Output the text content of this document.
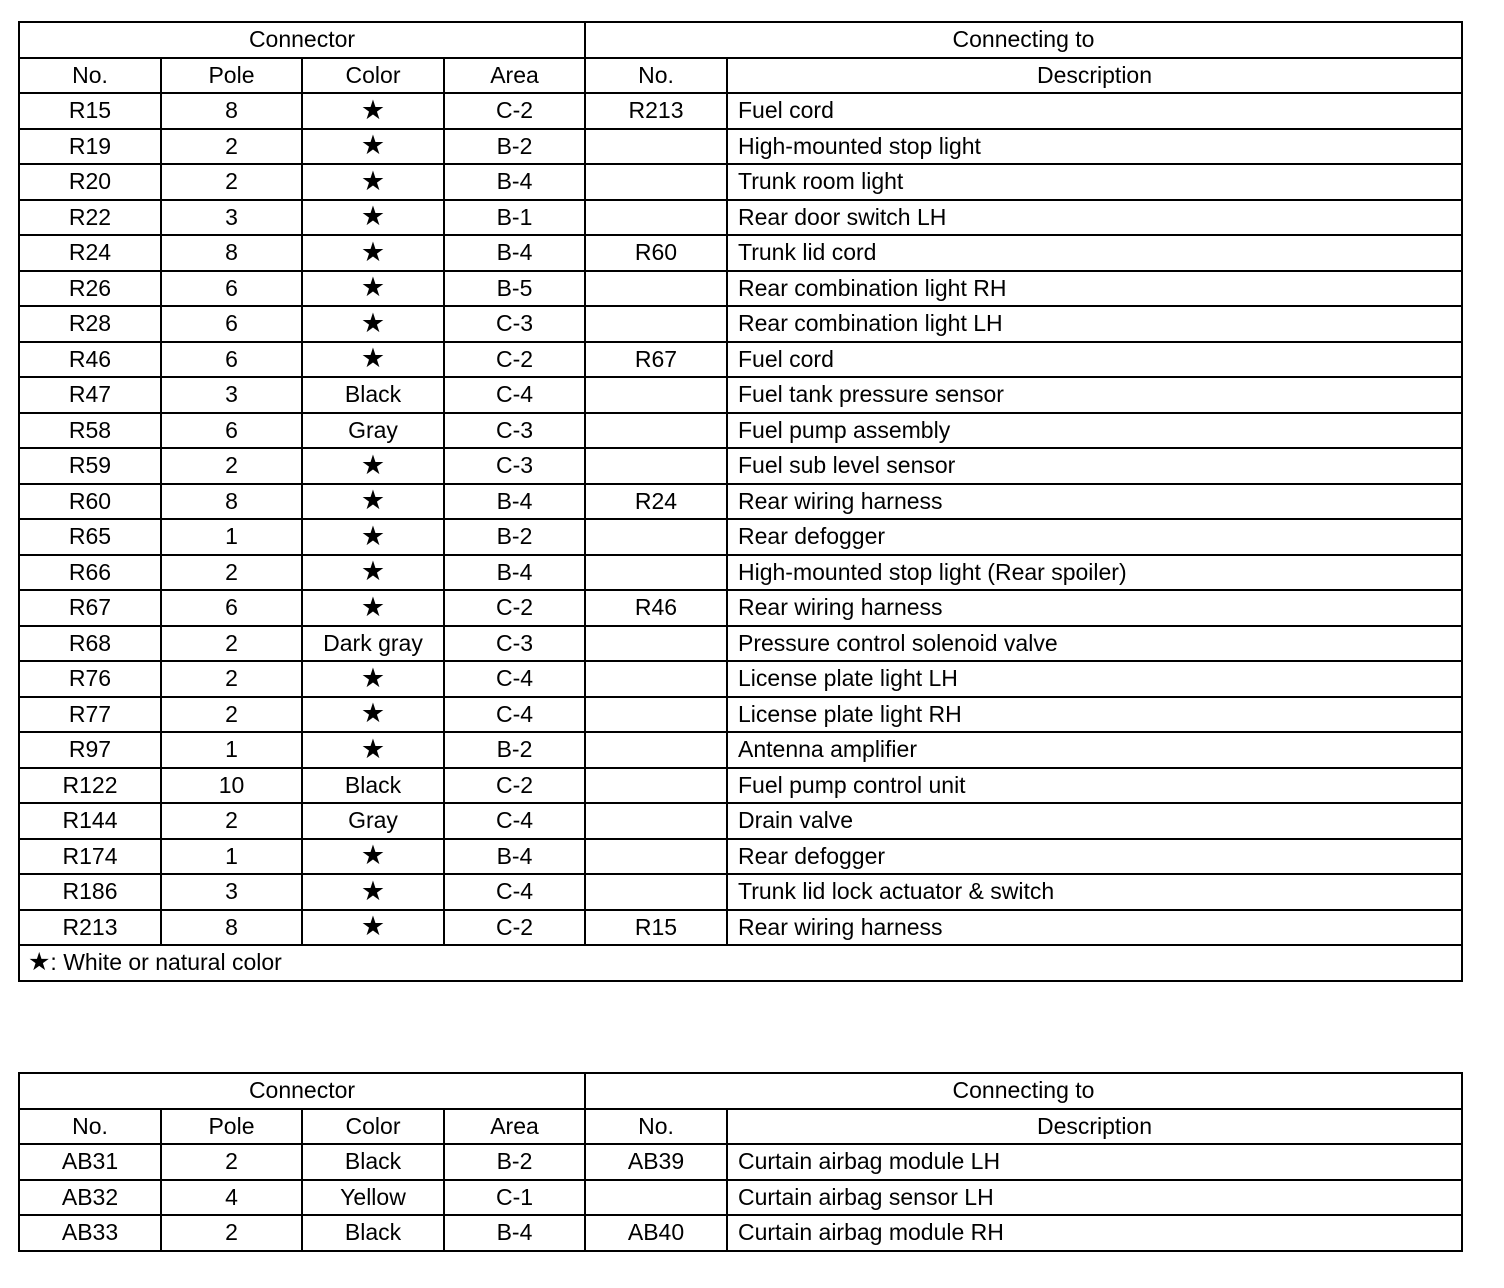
Connector				Connecting to	
No.	Pole	Color	Area	No.	Description
R15	8	★	C-2	R213	Fuel cord
R19	2	★	B-2		High-mounted stop light
R20	2	★	B-4		Trunk room light
R22	3	★	B-1		Rear door switch LH
R24	8	★	B-4	R60	Trunk lid cord
R26	6	★	B-5		Rear combination light RH
R28	6	★	C-3		Rear combination light LH
R46	6	★	C-2	R67	Fuel cord
R47	3	Black	C-4		Fuel tank pressure sensor
R58	6	Gray	C-3		Fuel pump assembly
R59	2	★	C-3		Fuel sub level sensor
R60	8	★	B-4	R24	Rear wiring harness
R65	1	★	B-2		Rear defogger
R66	2	★	B-4		High-mounted stop light (Rear spoiler)
R67	6	★	C-2	R46	Rear wiring harness
R68	2	Dark gray	C-3		Pressure control solenoid valve
R76	2	★	C-4		License plate light LH
R77	2	★	C-4		License plate light RH
R97	1	★	B-2		Antenna amplifier
R122	10	Black	C-2		Fuel pump control unit
R144	2	Gray	C-4		Drain valve
R174	1	★	B-4		Rear defogger
R186	3	★	C-4		Trunk lid lock actuator & switch
R213	8	★	C-2	R15	Rear wiring harness
★: White or natural color					
Connector				Connecting to	
No.	Pole	Color	Area	No.	Description
AB31	2	Black	B-2	AB39	Curtain airbag module LH
AB32	4	Yellow	C-1		Curtain airbag sensor LH
AB33	2	Black	B-4	AB40	Curtain airbag module RH
